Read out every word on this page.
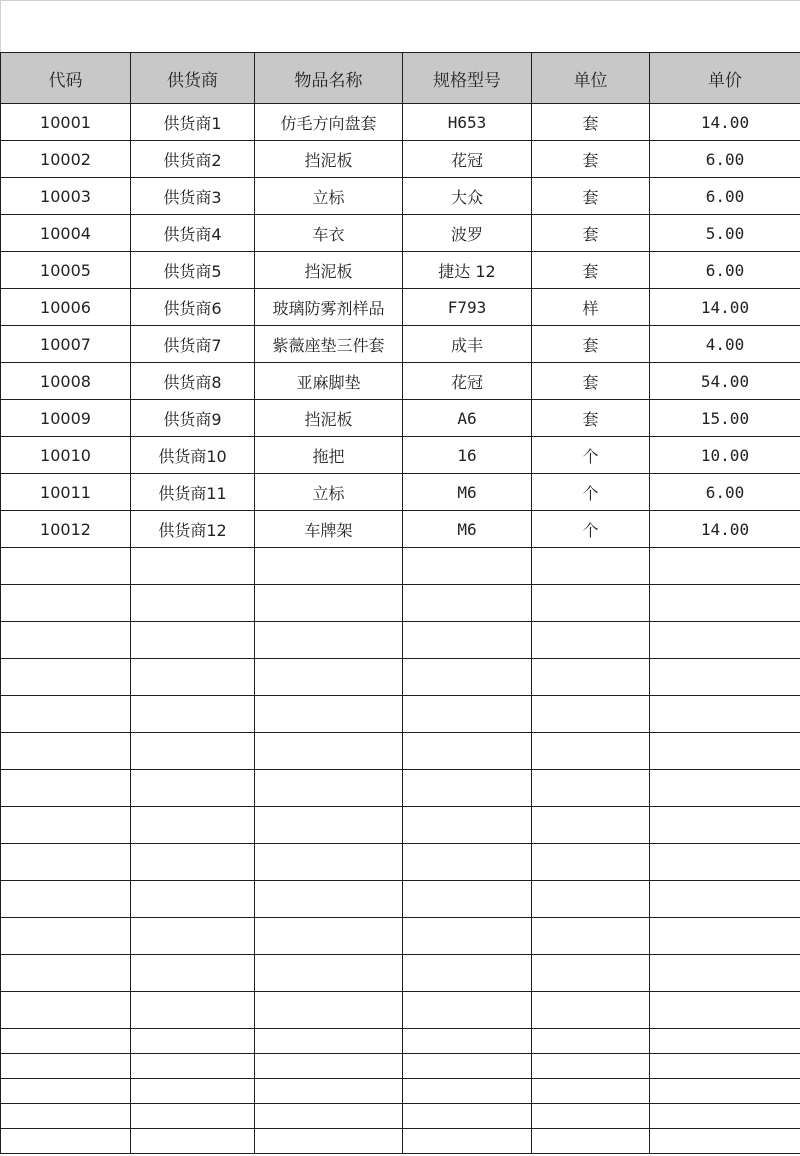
代码	供货商	物品名称	规格型号	单位	单价
10001	供货商1	仿毛方向盘套	H653	套	14.00
10002	供货商2	挡泥板	花冠	套	6.00
10003	供货商3	立标	大众	套	6.00
10004	供货商4	车衣	波罗	套	5.00
10005	供货商5	挡泥板	捷达 12	套	6.00
10006	供货商6	玻璃防雾剂样品	F793	样	14.00
10007	供货商7	紫薇座垫三件套	成丰	套	4.00
10008	供货商8	亚麻脚垫	花冠	套	54.00
10009	供货商9	挡泥板	A6	套	15.00
10010	供货商10	拖把	16	个	10.00
10011	供货商11	立标	M6	个	6.00
10012	供货商12	车牌架	M6	个	14.00
